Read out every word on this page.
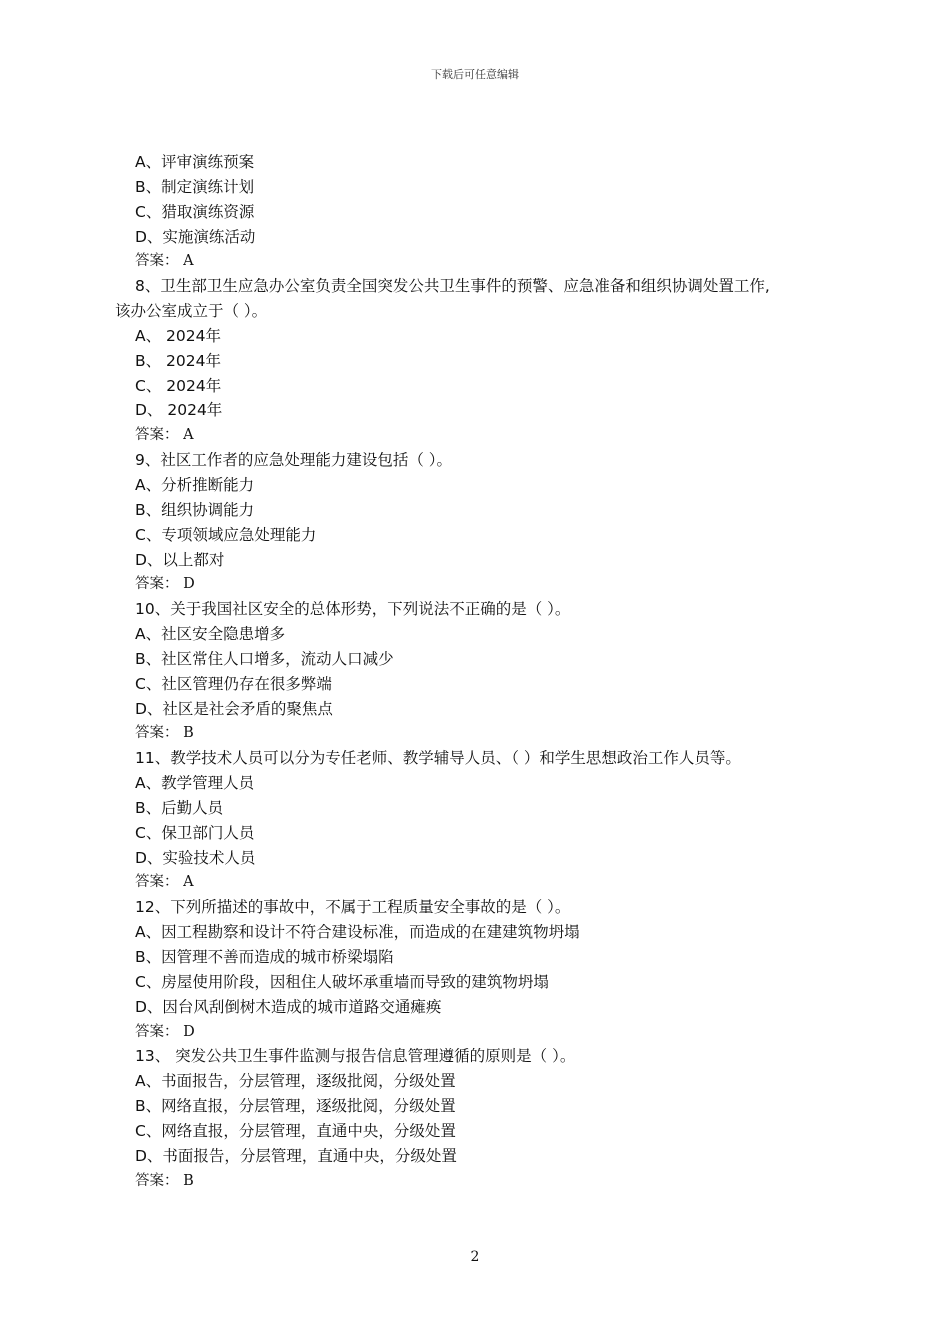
下载后可任意编辑
A、评审演练预案
B、制定演练计划
C、猎取演练资源
D、实施演练活动
答案： A
8、卫生部卫生应急办公室负责全国突发公共卫生事件的预警、应急准备和组织协调处置工作,
该办公室成立于（ ）。
A、 2024年
B、 2024年
C、 2024年
D、 2024年
答案： A
9、社区工作者的应急处理能力建设包括（ ）。
A、分析推断能力
B、组织协调能力
C、专项领域应急处理能力
D、以上都对
答案： D
10、关于我国社区安全的总体形势，下列说法不正确的是（ ）。
A、社区安全隐患增多
B、社区常住人口增多，流动人口减少
C、社区管理仍存在很多弊端
D、社区是社会矛盾的聚焦点
答案： B
11、教学技术人员可以分为专任老师、教学辅导人员、（ ）和学生思想政治工作人员等。
A、教学管理人员
B、后勤人员
C、保卫部门人员
D、实验技术人员
答案： A
12、下列所描述的事故中，不属于工程质量安全事故的是（ ）。
A、因工程勘察和设计不符合建设标准，而造成的在建建筑物坍塌
B、因管理不善而造成的城市桥梁塌陷
C、房屋使用阶段，因租住人破坏承重墙而导致的建筑物坍塌
D、因台风刮倒树木造成的城市道路交通瘫痪
答案： D
13、 突发公共卫生事件监测与报告信息管理遵循的原则是（ ）。
A、书面报告，分层管理，逐级批阅，分级处置
B、网络直报，分层管理，逐级批阅，分级处置
C、网络直报，分层管理，直通中央，分级处置
D、书面报告，分层管理，直通中央，分级处置
答案： B
2
